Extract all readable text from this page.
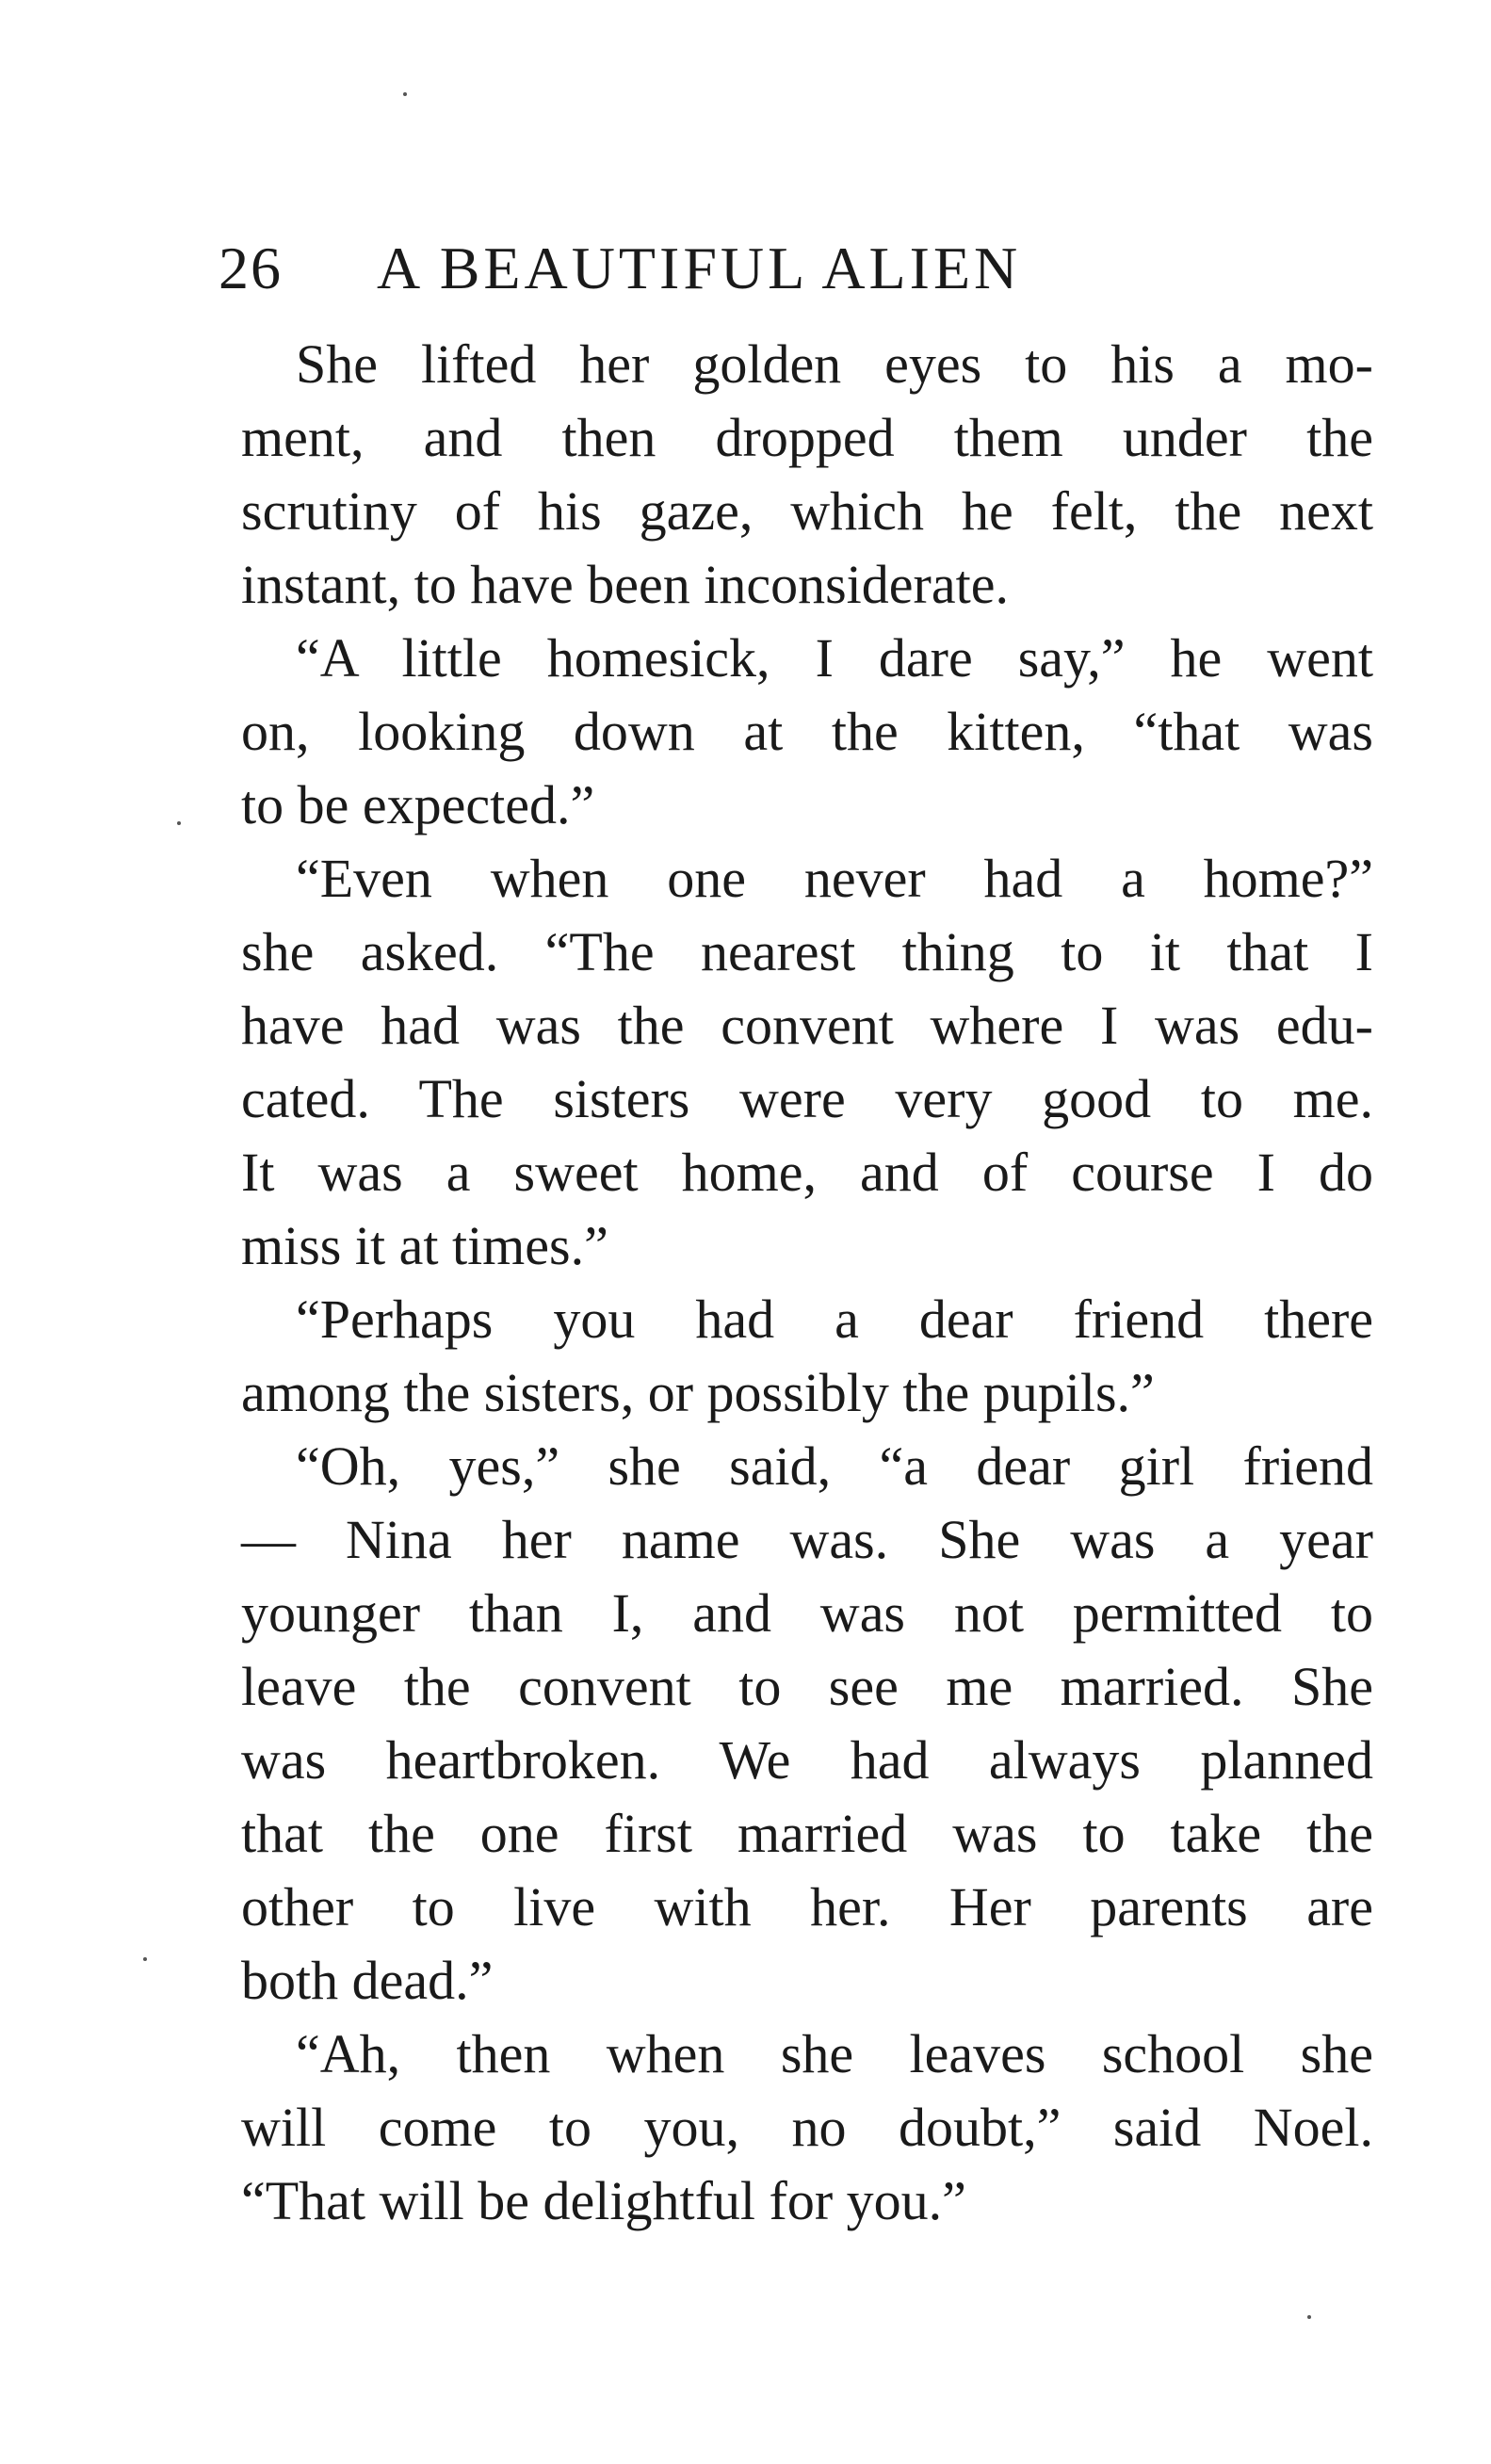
26 A BEAUTIFUL ALIEN
She lifted her golden eyes to his a mo-
ment, and then dropped them under the
scrutiny of his gaze, which he felt, the next
instant, to have been inconsiderate.
“A little homesick, I dare say,” he went
on, looking down at the kitten, “that was
to be expected.”
“Even when one never had a home?”
she asked. “The nearest thing to it that I
have had was the convent where I was edu-
cated. The sisters were very good to me.
It was a sweet home, and of course I do
miss it at times.”
“Perhaps you had a dear friend there
among the sisters, or possibly the pupils.”
“Oh, yes,” she said, “a dear girl friend
— Nina her name was. She was a year
younger than I, and was not permitted to
leave the convent to see me married. She
was heartbroken. We had always planned
that the one first married was to take the
other to live with her. Her parents are
both dead.”
“Ah, then when she leaves school she
will come to you, no doubt,” said Noel.
“That will be delightful for you.”
